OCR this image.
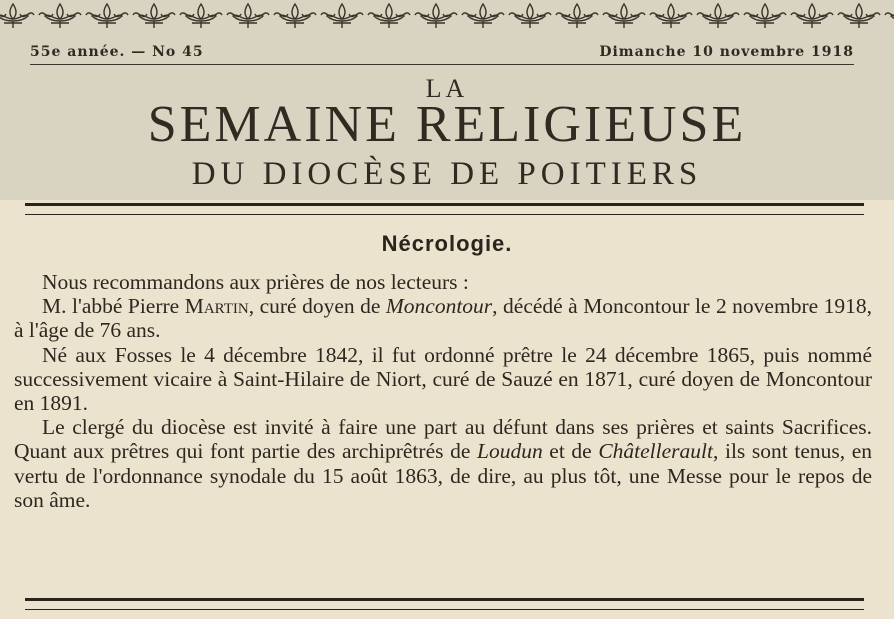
55e année. — No 45	Dimanche 10 novembre 1918
LA
SEMAINE RELIGIEUSE
DU DIOCÈSE DE POITIERS
Nécrologie.

Nous recommandons aux prières de nos lecteurs :

M. l'abbé Pierre Martin, curé doyen de Moncontour, décédé à Moncontour le 2 novembre 1918, à l'âge de 76 ans.

Né aux Fosses le 4 décembre 1842, il fut ordonné prêtre le 24 décembre 1865, puis nommé successivement vicaire à Saint-Hilaire de Niort, curé de Sauzé en 1871, curé doyen de Moncontour en 1891.

Le clergé du diocèse est invité à faire une part au défunt dans ses prières et saints Sacrifices. Quant aux prêtres qui font partie des archiprêtrés de Loudun et de Châtellerault, ils sont tenus, en vertu de l'ordonnance synodale du 15 août 1863, de dire, au plus tôt, une Messe pour le repos de son âme.
